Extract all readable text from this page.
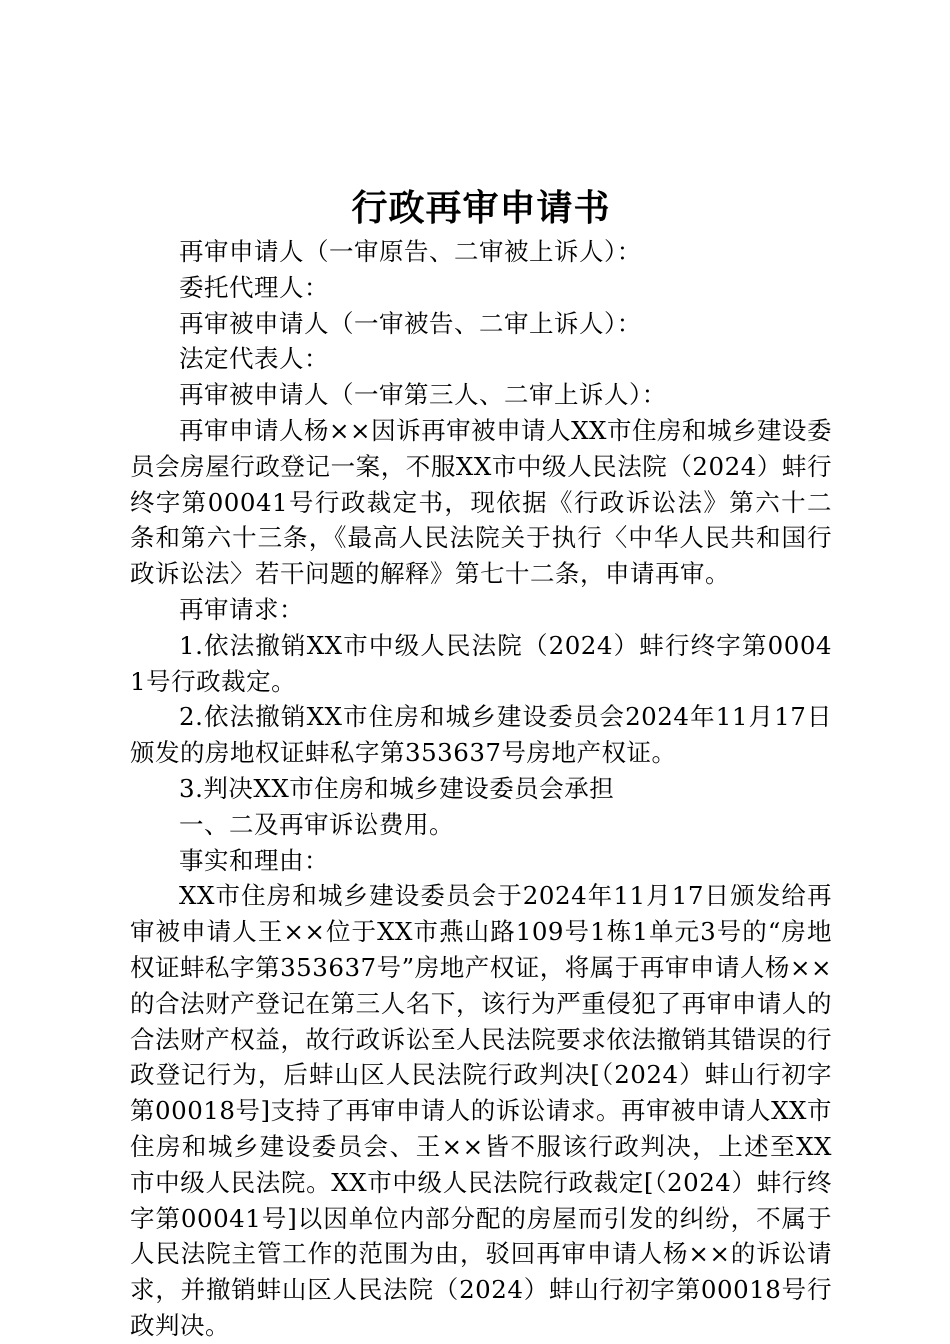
行政再审申请书

再审申请人（一审原告、二审被上诉人）：

委托代理人：

再审被申请人（一审被告、二审上诉人）：

法定代表人：

再审被申请人（一审第三人、二审上诉人）：

再审申请人杨××因诉再审被申请人XX市住房和城乡建设委员会房屋行政登记一案，不服XX市中级人民法院（2024）蚌行终字第00041号行政裁定书，现依据《行政诉讼法》第六十二条和第六十三条，《最高人民法院关于执行〈中华人民共和国行政诉讼法〉若干问题的解释》第七十二条，申请再审。

再审请求：

1.依法撤销XX市中级人民法院（2024）蚌行终字第00041号行政裁定。

2.依法撤销XX市住房和城乡建设委员会2024年11月17日颁发的房地权证蚌私字第353637号房地产权证。

3.判决XX市住房和城乡建设委员会承担

一、二及再审诉讼费用。

事实和理由：

XX市住房和城乡建设委员会于2024年11月17日颁发给再审被申请人王××位于XX市燕山路109号1栋1单元3号的“房地权证蚌私字第353637号”房地产权证，将属于再审申请人杨××的合法财产登记在第三人名下，该行为严重侵犯了再审申请人的合法财产权益，故行政诉讼至人民法院要求依法撤销其错误的行政登记行为，后蚌山区人民法院行政判决[（2024）蚌山行初字第00018号]支持了再审申请人的诉讼请求。再审被申请人XX市住房和城乡建设委员会、王××皆不服该行政判决，上述至XX市中级人民法院。XX市中级人民法院行政裁定[（2024）蚌行终字第00041号]以因单位内部分配的房屋而引发的纠纷，不属于人民法院主管工作的范围为由，驳回再审申请人杨××的诉讼请求，并撤销蚌山区人民法院（2024）蚌山行初字第00018号行政判决。
